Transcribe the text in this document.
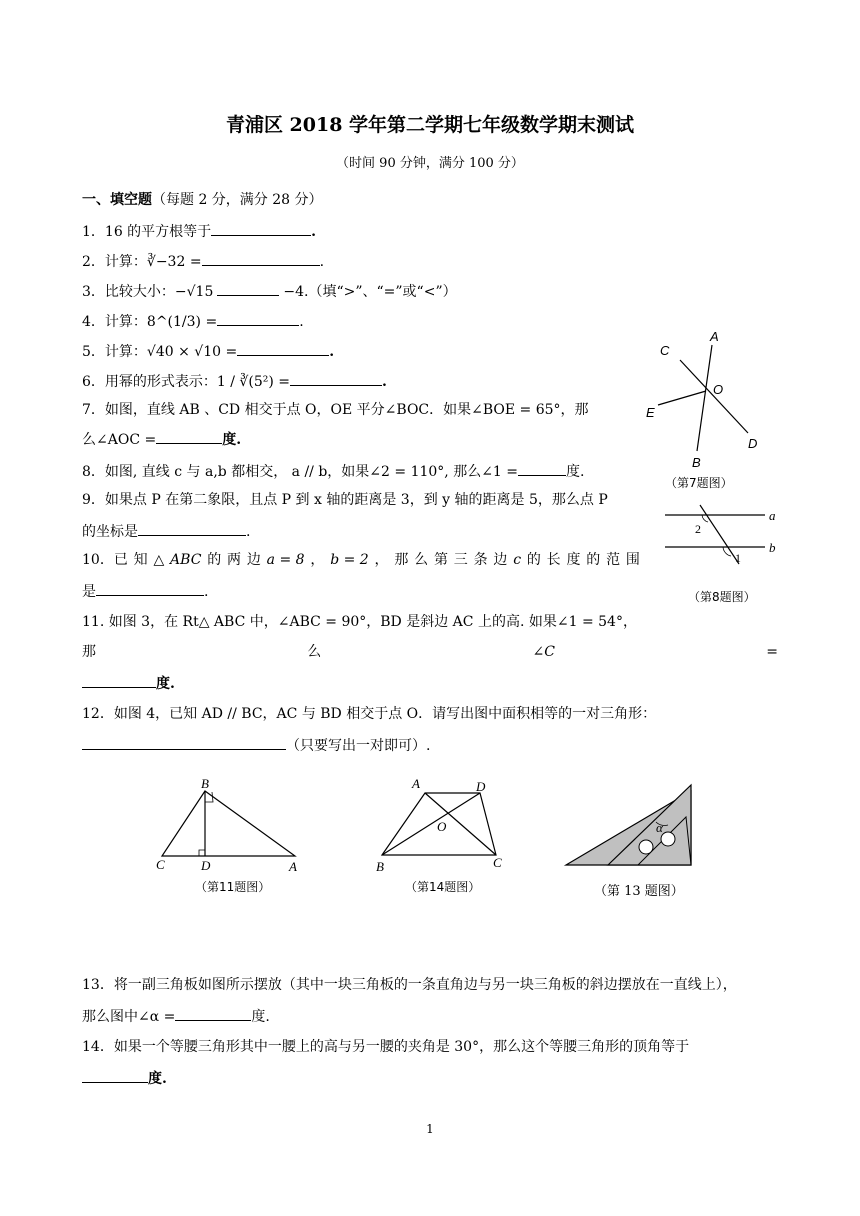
青浦区 2018 学年第二学期七年级数学期末测试
（时间 90 分钟，满分 100 分）
一、填空题（每题 2 分，满分 28 分）
1．16 的平方根等于	.
2．计算：∛−32 =	.
3．比较大小：−√15	−4.（填“>”、“=”或“<”）
4．计算：8^(1/3) =	.
5．计算：√40 × √10 =	.
6．用幂的形式表示：1 / ∛(5²) =	.
7．如图，直线 AB 、CD 相交于点 O，OE 平分∠BOC．如果∠BOE = 65°，那
么∠AOC =	度.
8．如图, 直线 c 与 a,b 都相交， a // b，如果∠2 = 110°, 那么∠1 =	度.
9．如果点 P 在第二象限，且点 P 到 x 轴的距离是 3，到 y 轴的距离是 5，那么点 P
的坐标是	.
10．已 知 △ ABC 的 两 边 a = 8 ， b = 2 ， 那 么 第 三 条 边 c 的 长 度 的 范 围
是	.
11. 如图 3，在 Rt△ ABC 中，∠ABC = 90°，BD 是斜边 AC 上的高. 如果∠1 = 54°，
那	么	∠C	=
度.
12．如图 4，已知 AD // BC，AC 与 BD 相交于点 O．请写出图中面积相等的一对三角形：
（只要写出一对即可）.
13．将一副三角板如图所示摆放（其中一块三角板的一条直角边与另一块三角板的斜边摆放在一直线上），
那么图中∠α =	度.
14．如果一个等腰三角形其中一腰上的高与另一腰的夹角是 30°，那么这个等腰三角形的顶角等于
度.
A
C
O
E
D
B
（第7题图）
a
b
2
1
（第8题图）
B
C	D	A
（第11题图）
A	D
O
B	C
（第14题图）
α
（第 13 题图）
1
